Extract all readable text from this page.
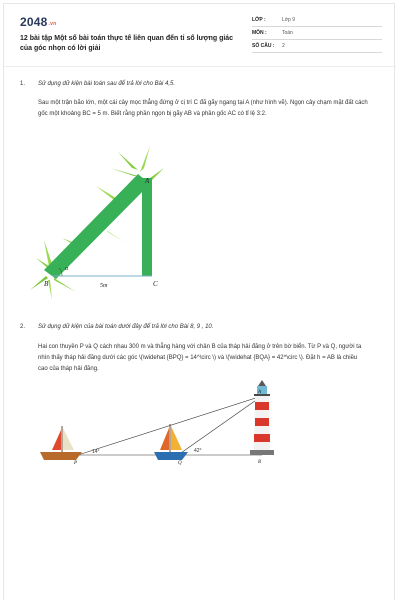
2048.vn
12 bài tập Một số bài toán thực tế liên quan đến tỉ số lượng giác của góc nhọn có lời giải
LỚP :	Lớp 9
MÔN :	Toán
SỐ CÂU :	2
1. Sử dụng dữ kiện bài toán sau để trả lời cho Bài 4,5.
Sau một trận bão lớn, một cái cây mọc thẳng đứng ở cị trí C đã gãy ngang tại A (như hình vẽ). Ngọn cây chạm mặt đất cách gốc một khoảng BC = 5 m. Biết rằng phần ngọn bị gãy AB và phần gốc AC có tỉ lệ 3:2.
A
B	C
α
5m
2. Sử dụng dữ kiện của bài toán dưới đây để trả lời cho Bài 8, 9 , 10.
Hai con thuyền P và Q cách nhau 300 m và thẳng hàng với chân B của tháp hải đăng ở trên bờ biển. Từ P và Q, người ta nhìn thấy tháp hải đăng dưới các góc \(\widehat {BPQ} = 14^\circ \) và \(\widehat {BQA} = 42^\circ \). Đặt h = AB là chiều cao của tháp hải đăng.
14°	42°
P	Q
A
B
